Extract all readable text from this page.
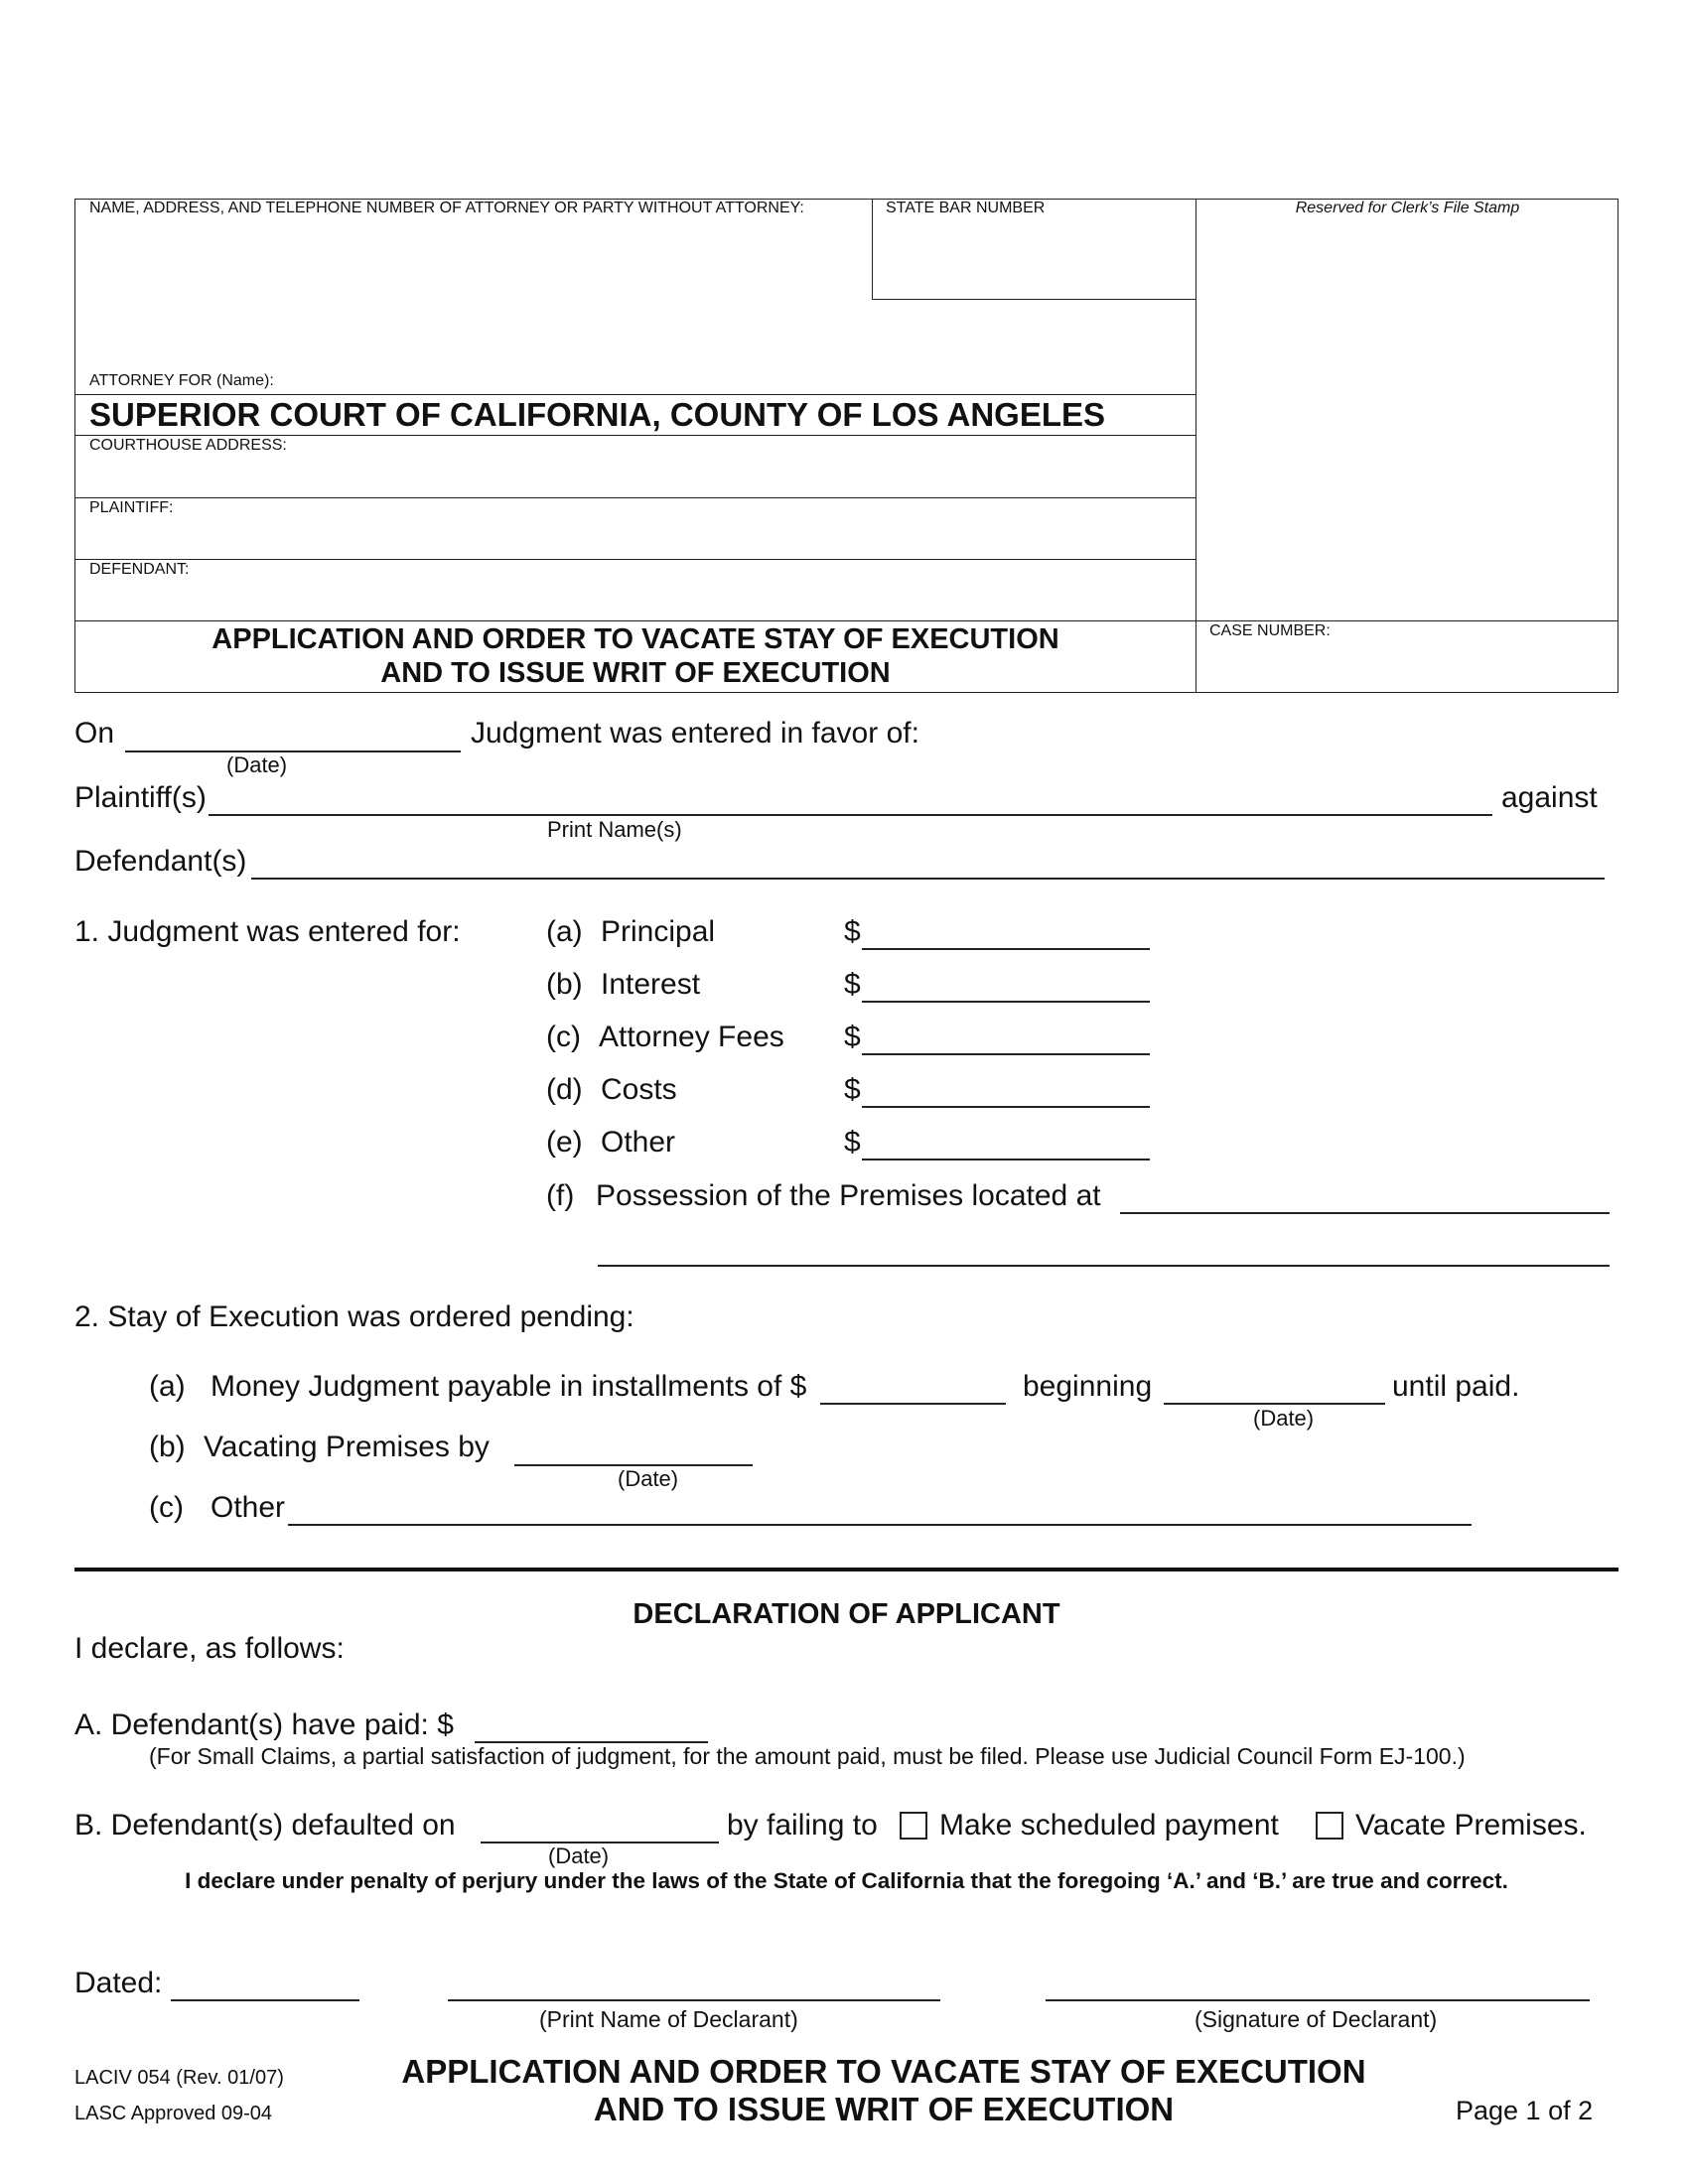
NAME, ADDRESS, AND TELEPHONE NUMBER OF ATTORNEY OR PARTY WITHOUT ATTORNEY:	STATE BAR NUMBER	Reserved for Clerk’s File Stamp
ATTORNEY FOR (Name):
SUPERIOR COURT OF CALIFORNIA, COUNTY OF LOS ANGELES
COURTHOUSE ADDRESS:
PLAINTIFF:
DEFENDANT:
APPLICATION AND ORDER TO VACATE STAY OF EXECUTION
AND TO ISSUE WRIT OF EXECUTION
CASE NUMBER:
On
(Date)
Judgment was entered in favor of:
Plaintiff(s)	against
Print Name(s)
Defendant(s)
1. Judgment was entered for:	(a) Principal	$
(b) Interest	$
(c) Attorney Fees $
(d) Costs	$
(e) Other	$
(f) Possession of the Premises located at
2. Stay of Execution was ordered pending:
(a) Money Judgment payable in installments of $	beginning	until paid.
(Date)
(b) Vacating Premises by
(Date)
(c) Other
DECLARATION OF APPLICANT
I declare, as follows:
A. Defendant(s) have paid: $
(For Small Claims, a partial satisfaction of judgment, for the amount paid, must be filed. Please use Judicial Council Form EJ-100.)
B. Defendant(s) defaulted on	by failing to Make scheduled payment	Vacate Premises.
(Date)
I declare under penalty of perjury under the laws of the State of California that the foregoing ‘A.’ and ‘B.’ are true and correct.
Dated:
(Print Name of Declarant)	(Signature of Declarant)
LACIV 054 (Rev. 01/07)
LASC Approved 09-04
APPLICATION AND ORDER TO VACATE STAY OF EXECUTION
AND TO ISSUE WRIT OF EXECUTION	Page 1 of 2
